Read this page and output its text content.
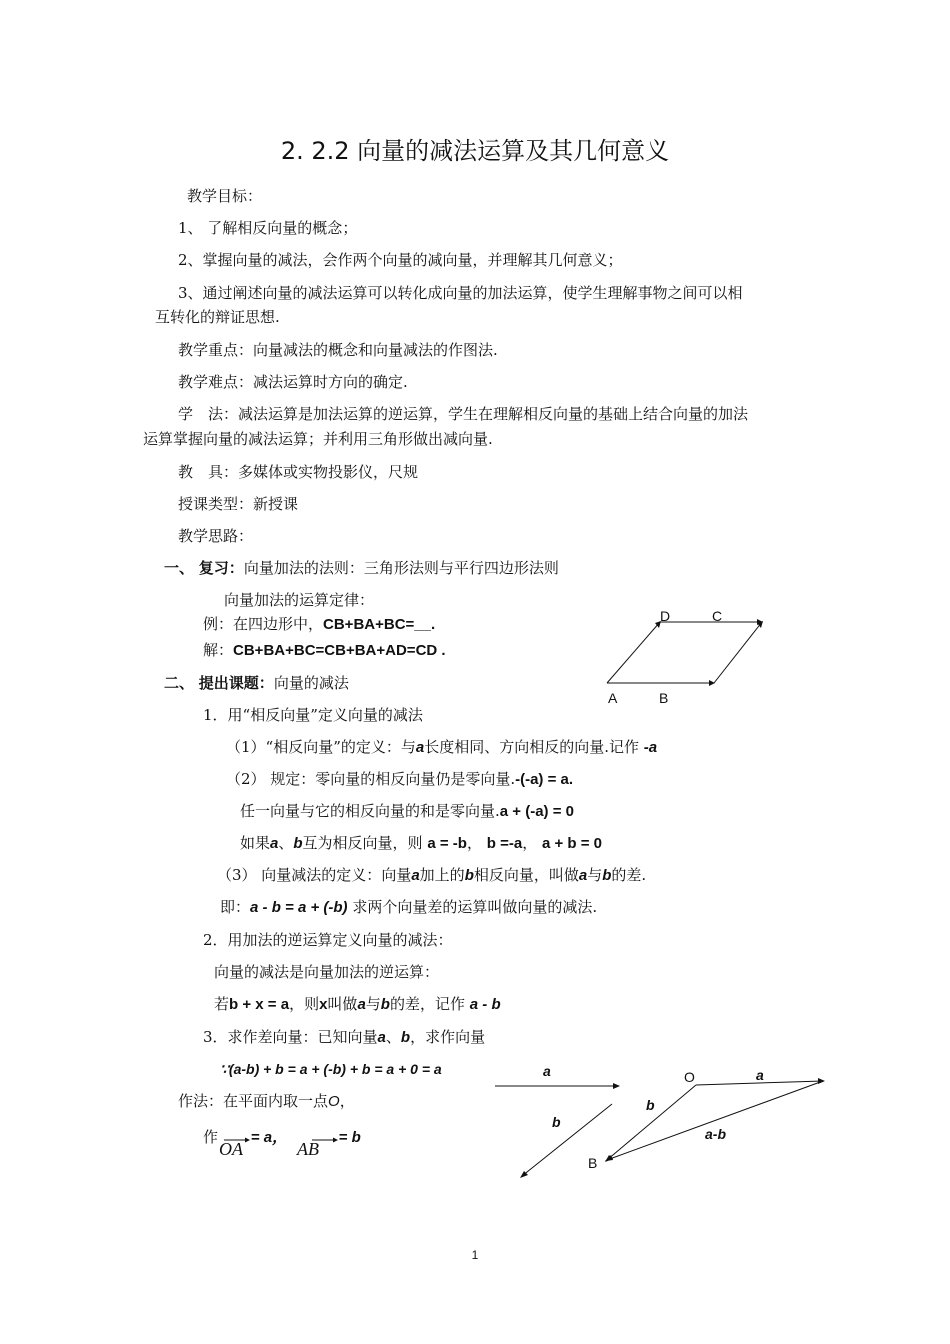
2. 2.2 向量的减法运算及其几何意义
教学目标：
1、 了解相反向量的概念；
2、掌握向量的减法，会作两个向量的减向量，并理解其几何意义；
3、通过阐述向量的减法运算可以转化成向量的加法运算，使学生理解事物之间可以相
互转化的辩证思想.
教学重点：向量减法的概念和向量减法的作图法.
教学难点：减法运算时方向的确定.
学　法：减法运算是加法运算的逆运算，学生在理解相反向量的基础上结合向量的加法
运算掌握向量的减法运算；并利用三角形做出减向量.
教　具：多媒体或实物投影仪，尺规
授课类型：新授课
教学思路：
一、 复习：向量加法的法则：三角形法则与平行四边形法则
向量加法的运算定律：
例：在四边形中，CB+BA+BC=__.
解：CB+BA+BC=CB+BA+AD=CD .
二、 提出课题：向量的减法
1．用“相反向量”定义向量的减法
（1）“相反向量”的定义：与a长度相同、方向相反的向量.记作 -a
（2） 规定：零向量的相反向量仍是零向量.-(-a) = a.
任一向量与它的相反向量的和是零向量.a + (-a) = 0
如果a、b互为相反向量，则 a = -b， b =-a， a + b = 0
（3） 向量减法的定义：向量a加上的b相反向量，叫做a与b的差.
即：a - b = a + (-b) 求两个向量差的运算叫做向量的减法.
2．用加法的逆运算定义向量的减法：
向量的减法是向量加法的逆运算：
若b + x = a，则x叫做a与b的差，记作 a - b
3．求作差向量：已知向量a、b，求作向量
∵(a-b) + b = a + (-b) + b = a + 0 = a
作法：在平面内取一点O，
作 = a，	= b
OA	AB
D	C
A	B
a
b
O	a
b
a-b
B
1
